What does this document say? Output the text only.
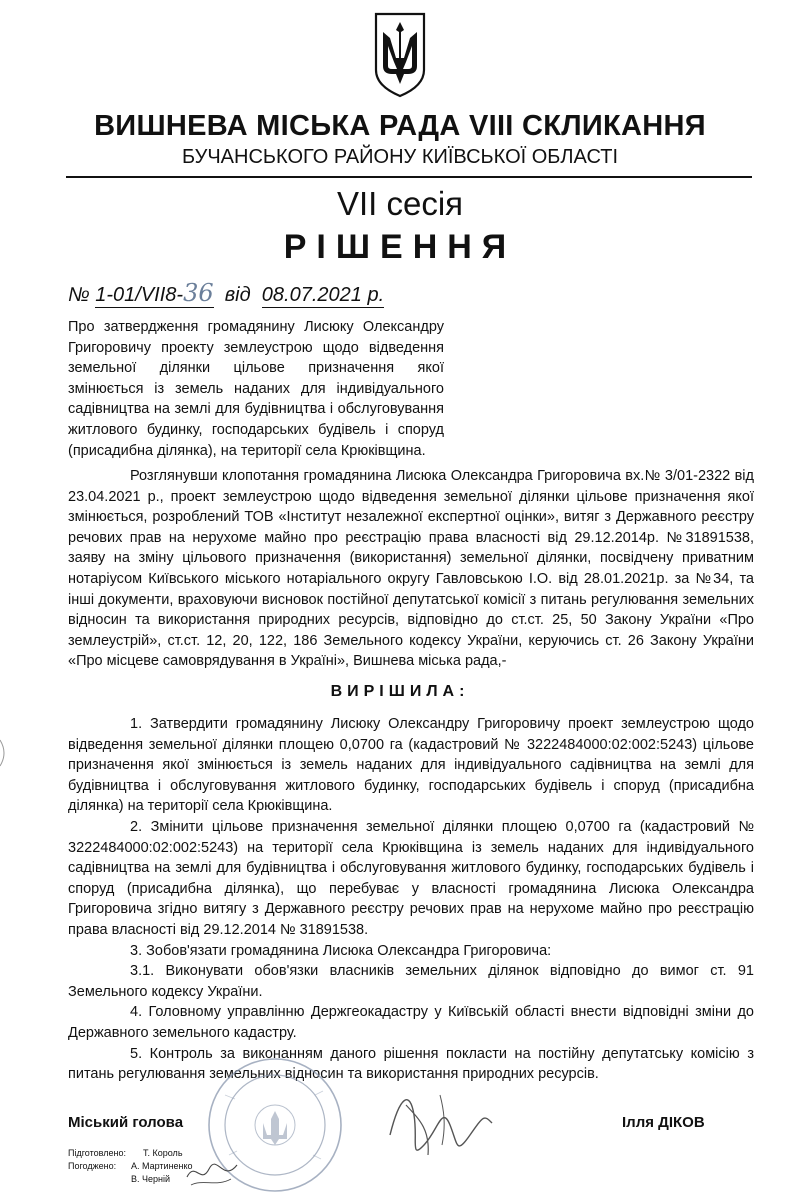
ВИШНЕВА МІСЬКА РАДА VIII СКЛИКАННЯ
БУЧАНСЬКОГО РАЙОНУ КИЇВСЬКОЇ ОБЛАСТІ
VII сесія
РІШЕННЯ
№ 1-01/VII8-36 від 08.07.2021 р.
Про затвердження громадянину Лисюку Олександру Григоровичу проекту землеустрою щодо відведення земельної ділянки цільове призначення якої змінюється із земель наданих для індивідуального садівництва на землі для будівництва і обслуговування житлового будинку, господарських будівель і споруд (присадибна ділянка), на території села Крюківщина.

Розглянувши клопотання громадянина Лисюка Олександра Григоровича вх.№ 3/01-2322 від 23.04.2021 р., проект землеустрою щодо відведення земельної ділянки цільове призначення якої змінюється, розроблений ТОВ «Інститут незалежної експертної оцінки», витяг з Державного реєстру речових прав на нерухоме майно про реєстрацію права власності від 29.12.2014р. №31891538, заяву на зміну цільового призначення (використання) земельної ділянки, посвідчену приватним нотаріусом Київського міського нотаріального округу Гавловською І.О. від 28.01.2021р. за №34, та інші документи, враховуючи висновок постійної депутатської комісії з питань регулювання земельних відносин та використання природних ресурсів, відповідно до ст.ст. 25, 50 Закону України «Про землеустрій», ст.ст. 12, 20, 122, 186 Земельного кодексу України, керуючись ст. 26 Закону України «Про місцеве самоврядування в Україні», Вишнева міська рада,-

ВИРІШИЛА:

1. Затвердити громадянину Лисюку Олександру Григоровичу проект землеустрою щодо відведення земельної ділянки площею 0,0700 га (кадастровий № 3222484000:02:002:5243) цільове призначення якої змінюється із земель наданих для індивідуального садівництва на землі для будівництва і обслуговування житлового будинку, господарських будівель і споруд (присадибна ділянка) на території села Крюківщина.

2. Змінити цільове призначення земельної ділянки площею 0,0700 га (кадастровий № 3222484000:02:002:5243) на території села Крюківщина із земель наданих для індивідуального садівництва на землі для будівництва і обслуговування житлового будинку, господарських будівель і споруд (присадибна ділянка), що перебуває у власності громадянина Лисюка Олександра Григоровича згідно витягу з Державного реєстру речових прав на нерухоме майно про реєстрацію права власності від 29.12.2014 № 31891538.

3. Зобов'язати громадянина Лисюка Олександра Григоровича:

3.1. Виконувати обов'язки власників земельних ділянок відповідно до вимог ст. 91 Земельного кодексу України.

4. Головному управлінню Держгеокадастру у Київській області внести відповідні зміни до Державного земельного кадастру.

5. Контроль за виконанням даного рішення покласти на постійну депутатську комісію з питань регулювання земельних відносин та використання природних ресурсів.

Міський голова	Ілля ДІКОВ
Підготовлено: Т. Король
Погоджено: А. Мартиненко
В. Черній
